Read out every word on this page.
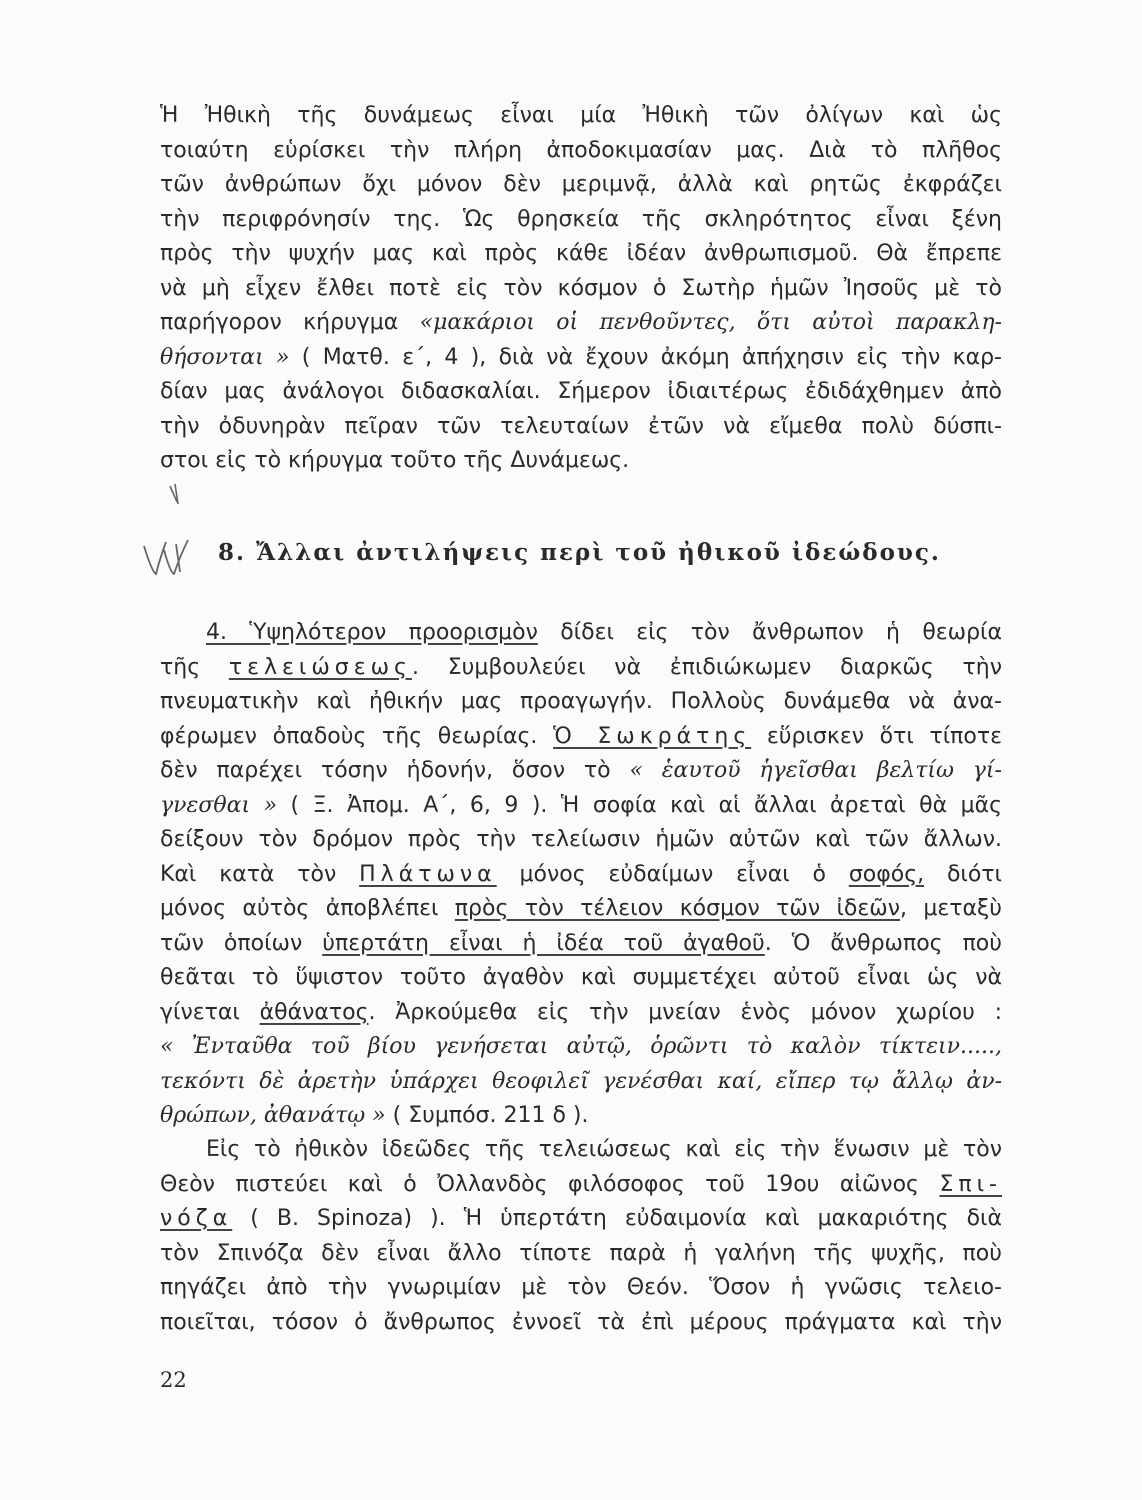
Ἡ Ἠθικὴ τῆς δυνάμεως εἶναι μία Ἠθικὴ τῶν ὀλίγων καὶ ὡς
τοιαύτη εὑρίσκει τὴν πλήρη ἀποδοκιμασίαν μας. Διὰ τὸ πλῆθος
τῶν ἀνθρώπων ὄχι μόνον δὲν μεριμνᾷ, ἀλλὰ καὶ ρητῶς ἐκφράζει
τὴν περιφρόνησίν της. Ὡς θρησκεία τῆς σκληρότητος εἶναι ξένη
πρὸς τὴν ψυχήν μας καὶ πρὸς κάθε ἰδέαν ἀνθρωπισμοῦ. Θὰ ἔπρεπε
νὰ μὴ εἶχεν ἔλθει ποτὲ εἰς τὸν κόσμον ὁ Σωτὴρ ἡμῶν Ἰησοῦς μὲ τὸ
παρήγορον κήρυγμα «μακάριοι οἱ πενθοῦντες, ὅτι αὐτοὶ παρακλη-
θήσονται » ( Ματθ. ε΄, 4 ), διὰ νὰ ἔχουν ἀκόμη ἀπήχησιν εἰς τὴν καρ-
δίαν μας ἀνάλογοι διδασκαλίαι. Σήμερον ἰδιαιτέρως ἐδιδάχθημεν ἀπὸ
τὴν ὀδυνηρὰν πεῖραν τῶν τελευταίων ἐτῶν νὰ εἴμεθα πολὺ δύσπι-
στοι εἰς τὸ κήρυγμα τοῦτο τῆς Δυνάμεως.
8. Ἄλλαι ἀντιλήψεις περὶ τοῦ ἠθικοῦ ἰδεώδους.
4. Ὑψηλότερον προορισμὸν δίδει εἰς τὸν ἄνθρωπον ἡ θεωρία
τῆς τελειώσεως. Συμβουλεύει νὰ ἐπιδιώκωμεν διαρκῶς τὴν
πνευματικὴν καὶ ἠθικήν μας προαγωγήν. Πολλοὺς δυνάμεθα νὰ ἀνα-
φέρωμεν ὀπαδοὺς τῆς θεωρίας. Ὁ Σωκράτης εὕρισκεν ὅτι τίποτε
δὲν παρέχει τόσην ἡδονήν, ὅσον τὸ « ἑαυτοῦ ἡγεῖσθαι βελτίω γί-
γνεσθαι » ( Ξ. Ἀπομ. Α΄, 6, 9 ). Ἡ σοφία καὶ αἱ ἄλλαι ἀρεταὶ θὰ μᾶς
δείξουν τὸν δρόμον πρὸς τὴν τελείωσιν ἡμῶν αὐτῶν καὶ τῶν ἄλλων.
Καὶ κατὰ τὸν Πλάτωνα μόνος εὐδαίμων εἶναι ὁ σοφός, διότι
μόνος αὐτὸς ἀποβλέπει πρὸς τὸν τέλειον κόσμον τῶν ἰδεῶν, μεταξὺ
τῶν ὁποίων ὑπερτάτη εἶναι ἡ ἰδέα τοῦ ἀγαθοῦ. Ὁ ἄνθρωπος ποὺ
θεᾶται τὸ ὕψιστον τοῦτο ἀγαθὸν καὶ συμμετέχει αὐτοῦ εἶναι ὡς νὰ
γίνεται ἀθάνατος. Ἀρκούμεθα εἰς τὴν μνείαν ἑνὸς μόνον χωρίου :
« Ἐνταῦθα τοῦ βίου γενήσεται αὐτῷ, ὁρῶντι τὸ καλὸν τίκτειν.....,
τεκόντι δὲ ἀρετὴν ὑπάρχει θεοφιλεῖ γενέσθαι καί, εἴπερ τῳ ἄλλῳ ἀν-
θρώπων, ἀθανάτῳ » ( Συμπόσ. 211 δ ).
Εἰς τὸ ἠθικὸν ἰδεῶδες τῆς τελειώσεως καὶ εἰς τὴν ἕνωσιν μὲ τὸν
Θεὸν πιστεύει καὶ ὁ Ὀλλανδὸς φιλόσοφος τοῦ 19ου αἰῶνος Σπι-
νόζα ( B. Spinoza) ). Ἡ ὑπερτάτη εὐδαιμονία καὶ μακαριότης διὰ
τὸν Σπινόζα δὲν εἶναι ἄλλο τίποτε παρὰ ἡ γαλήνη τῆς ψυχῆς, ποὺ
πηγάζει ἀπὸ τὴν γνωριμίαν μὲ τὸν Θεόν. Ὅσον ἡ γνῶσις τελειο-
ποιεῖται, τόσον ὁ ἄνθρωπος ἐννοεῖ τὰ ἐπὶ μέρους πράγματα καὶ τὴν
22
